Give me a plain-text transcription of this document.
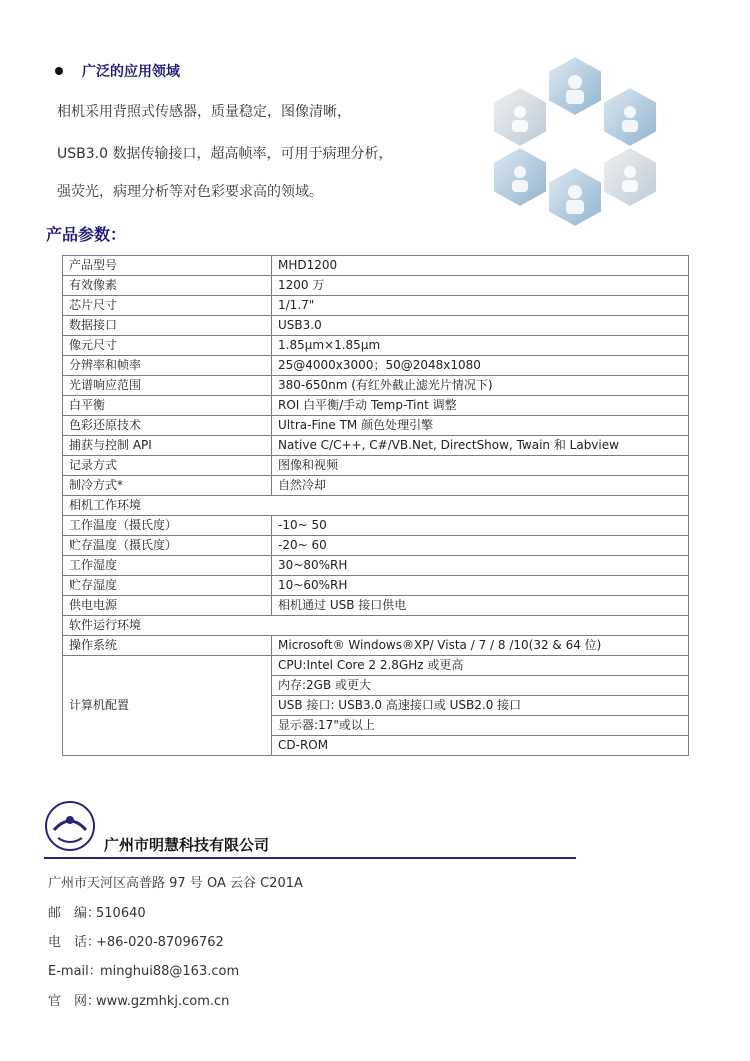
广泛的应用领域
相机采用背照式传感器，质量稳定，图像清晰，
USB3.0 数据传输接口，超高帧率，可用于病理分析，
强荧光，病理分析等对色彩要求高的领域。
产品参数：
产品型号	MHD1200
有效像素	1200 万
芯片尺寸	1/1.7"
数据接口	USB3.0
像元尺寸	1.85μm×1.85μm
分辨率和帧率	25@4000x3000；50@2048x1080
光谱响应范围	380-650nm (有红外截止滤光片情况下)
白平衡	ROI 白平衡/手动 Temp-Tint 调整
色彩还原技术	Ultra-Fine TM 颜色处理引擎
捕获与控制 API	Native C/C++, C#/VB.Net, DirectShow, Twain 和 Labview
记录方式	图像和视频
制冷方式*	自然冷却
相机工作环境	
工作温度（摄氏度）	-10~ 50
贮存温度（摄氏度）	-20~ 60
工作湿度	30~80%RH
贮存湿度	10~60%RH
供电电源	相机通过 USB 接口供电
软件运行环境	
操作系统	Microsoft® Windows®XP/ Vista / 7 / 8 /10(32 & 64 位)
计算机配置	CPU:Intel Core 2 2.8GHz 或更高
	内存:2GB 或更大
	USB 接口: USB3.0 高速接口或 USB2.0 接口
	显示器:17"或以上
	CD-ROM
广州市明慧科技有限公司
广州市天河区高普路 97 号 OA 云谷 C201A
邮　编：510640
电　话：+86-020-87096762
E-mail：minghui88@163.com
官　网：www.gzmhkj.com.cn
